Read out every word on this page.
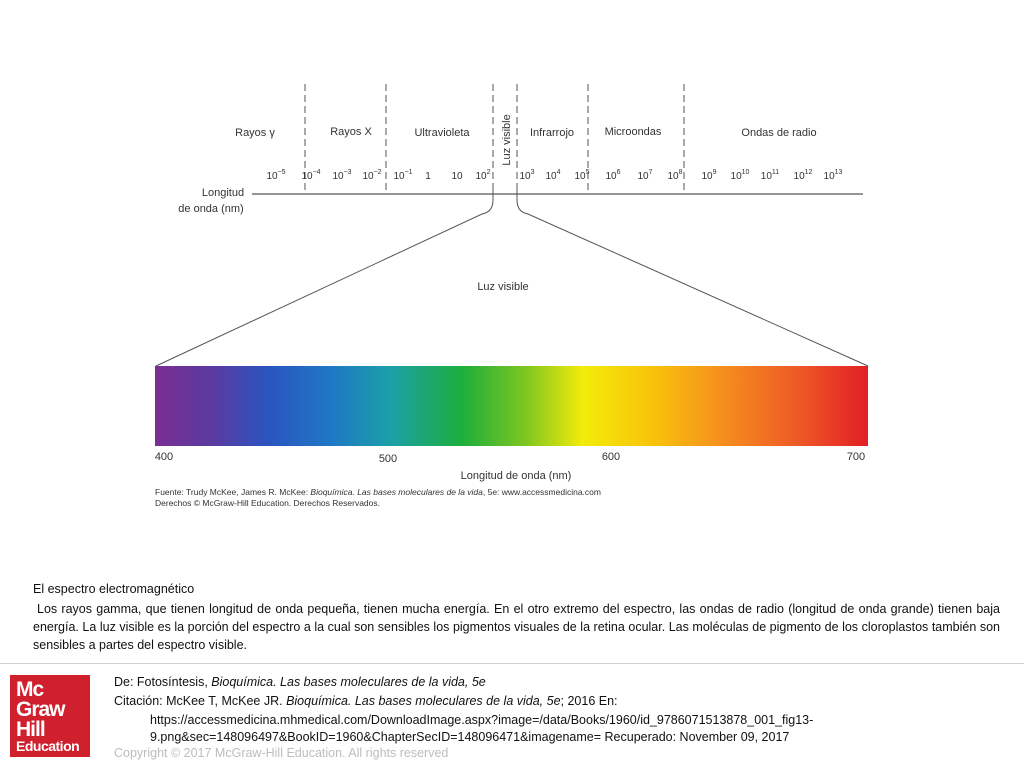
Rayos γ	Rayos X	Ultravioleta	Luz visible Infrarrojo	Microondas	Ondas de radio
Longitud
de onda (nm)
$10^{-5}$ $10^{-4}$ $10^{-3}$ $10^{-2}$ $10^{-1}$ 1 10 $10^2$	$10^3$ $10^4$ $10^5$ $10^6$ $10^7$ $10^8$ $10^9$ $10^{10}$ $10^{11}$ $10^{12}$ $10^{13}$
Luz visible
400	500	600	700
Longitud de onda (nm)
Fuente: Trudy McKee, James R. McKee: Bioquímica. Las bases moleculares de la vida, 5e: www.accessmedicina.com
Derechos © McGraw-Hill Education. Derechos Reservados.
El espectro electromagnético
Los rayos gamma, que tienen longitud de onda pequeña, tienen mucha energía. En el otro extremo del espectro, las ondas de radio (longitud de onda grande) tienen baja energía. La luz visible es la porción del espectro a la cual son sensibles los pigmentos visuales de la retina ocular. Las moléculas de pigmento de los cloroplastos también son sensibles a partes del espectro visible.
Mc
Graw
Hill
Education
De: Fotosíntesis, Bioquímica. Las bases moleculares de la vida, 5e
Citación: McKee T, McKee JR. Bioquímica. Las bases moleculares de la vida, 5e; 2016 En:
https://accessmedicina.mhmedical.com/DownloadImage.aspx?image=/data/Books/1960/id_9786071513878_001_fig13-
9.png&sec=148096497&BookID=1960&ChapterSecID=148096471&imagename= Recuperado: November 09, 2017
Copyright © 2017 McGraw-Hill Education. All rights reserved
